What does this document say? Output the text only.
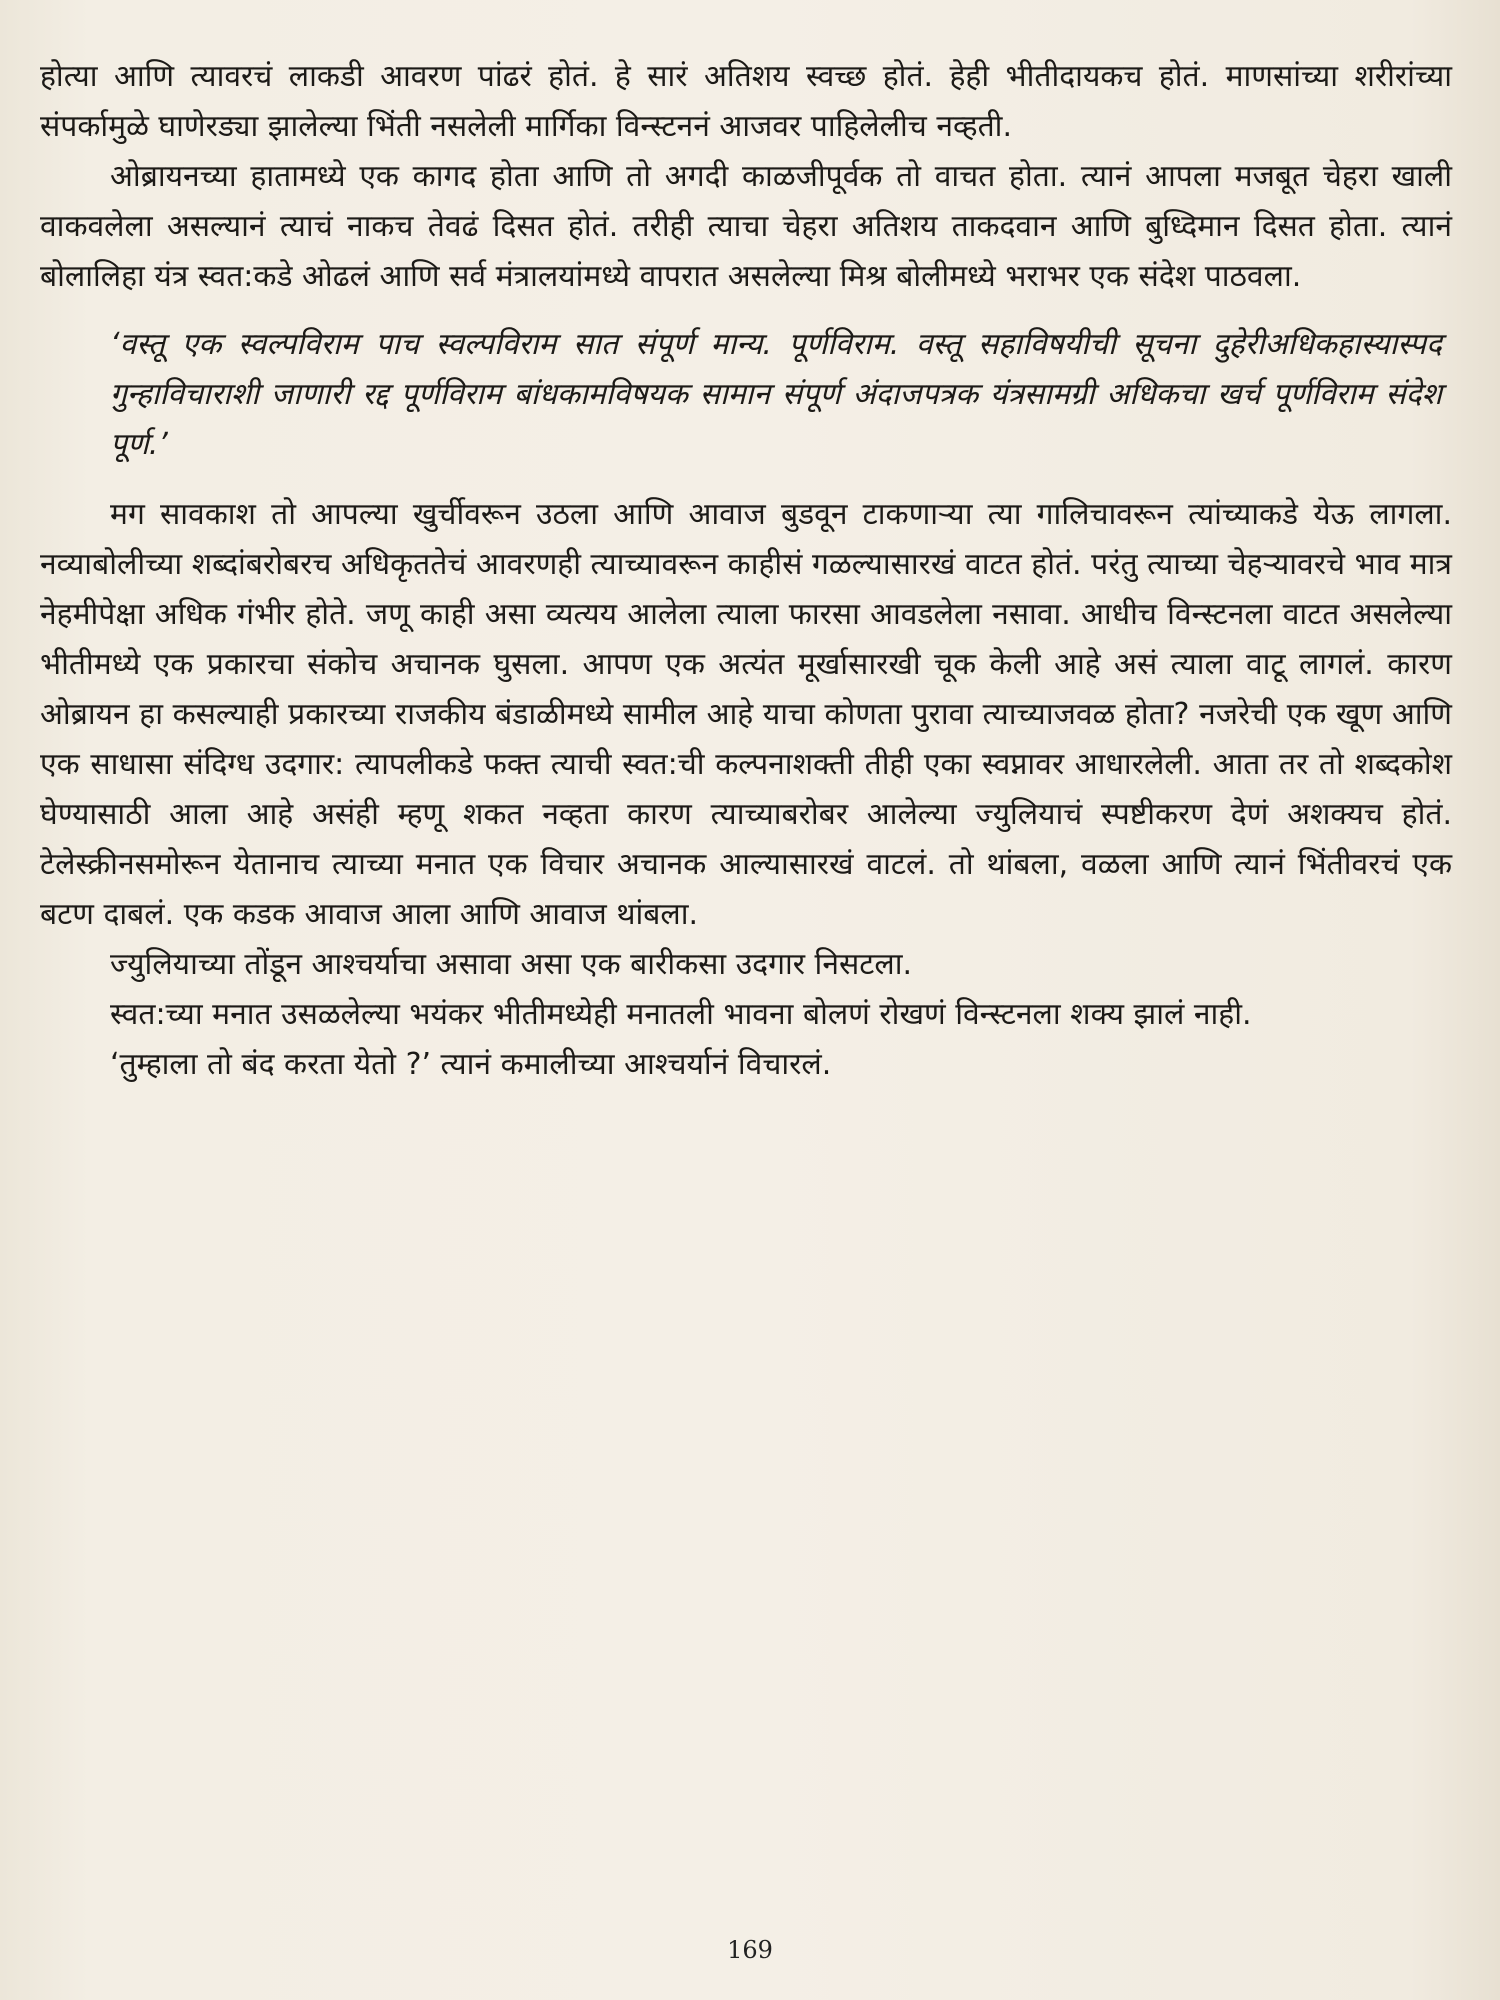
होत्या आणि त्यावरचं लाकडी आवरण पांढरं होतं. हे सारं अतिशय स्वच्छ होतं. हेही भीतीदायकच होतं. माणसांच्या शरीरांच्या संपर्कामुळे घाणेरड्या झालेल्या भिंती नसलेली मार्गिका विन्स्टननं आजवर पाहिलेलीच नव्हती.

ओब्रायनच्या हातामध्ये एक कागद होता आणि तो अगदी काळजीपूर्वक तो वाचत होता. त्यानं आपला मजबूत चेहरा खाली वाकवलेला असल्यानं त्याचं नाकच तेवढं दिसत होतं. तरीही त्याचा चेहरा अतिशय ताकदवान आणि बुध्दिमान दिसत होता. त्यानं बोलालिहा यंत्र स्वत:कडे ओढलं आणि सर्व मंत्रालयांमध्ये वापरात असलेल्या मिश्र बोलीमध्ये भराभर एक संदेश पाठवला.

‘वस्तू एक स्वल्पविराम पाच स्वल्पविराम सात संपूर्ण मान्य. पूर्णविराम. वस्तू सहाविषयीची सूचना दुहेरीअधिकहास्यास्पद गुन्हाविचाराशी जाणारी रद्द पूर्णविराम बांधकामविषयक सामान संपूर्ण अंदाजपत्रक यंत्रसामग्री अधिकचा खर्च पूर्णविराम संदेश पूर्ण.’

मग सावकाश तो आपल्या खुर्चीवरून उठला आणि आवाज बुडवून टाकणाऱ्या त्या गालिचावरून त्यांच्याकडे येऊ लागला. नव्याबोलीच्या शब्दांबरोबरच अधिकृततेचं आवरणही त्याच्यावरून काहीसं गळल्यासारखं वाटत होतं. परंतु त्याच्या चेहऱ्यावरचे भाव मात्र नेहमीपेक्षा अधिक गंभीर होते. जणू काही असा व्यत्यय आलेला त्याला फारसा आवडलेला नसावा. आधीच विन्स्टनला वाटत असलेल्या भीतीमध्ये एक प्रकारचा संकोच अचानक घुसला. आपण एक अत्यंत मूर्खासारखी चूक केली आहे असं त्याला वाटू लागलं. कारण ओब्रायन हा कसल्याही प्रकारच्या राजकीय बंडाळीमध्ये सामील आहे याचा कोणता पुरावा त्याच्याजवळ होता? नजरेची एक खूण आणि एक साधासा संदिग्ध उदगार: त्यापलीकडे फक्त त्याची स्वत:ची कल्पनाशक्ती तीही एका स्वप्नावर आधारलेली. आता तर तो शब्दकोश घेण्यासाठी आला आहे असंही म्हणू शकत नव्हता कारण त्याच्याबरोबर आलेल्या ज्युलियाचं स्पष्टीकरण देणं अशक्यच होतं. टेलेस्क्रीनसमोरून येतानाच त्याच्या मनात एक विचार अचानक आल्यासारखं वाटलं. तो थांबला, वळला आणि त्यानं भिंतीवरचं एक बटण दाबलं. एक कडक आवाज आला आणि आवाज थांबला.

ज्युलियाच्या तोंडून आश्चर्याचा असावा असा एक बारीकसा उदगार निसटला.

स्वत:च्या मनात उसळलेल्या भयंकर भीतीमध्येही मनातली भावना बोलणं रोखणं विन्स्टनला शक्य झालं नाही.

‘तुम्हाला तो बंद करता येतो ?’ त्यानं कमालीच्या आश्चर्यानं विचारलं.

169
